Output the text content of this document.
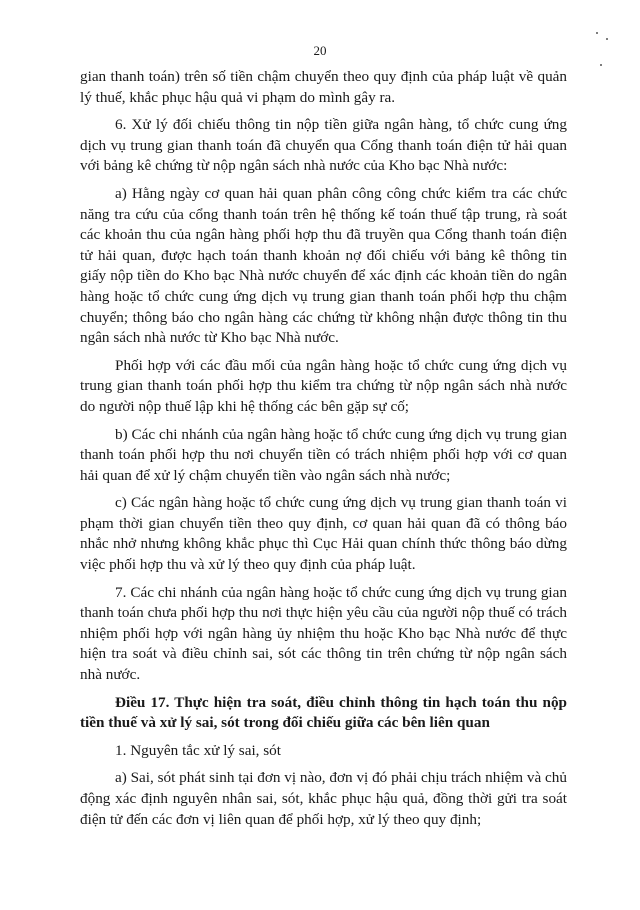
20

gian thanh toán) trên số tiền chậm chuyển theo quy định của pháp luật về quản lý thuế, khắc phục hậu quả vi phạm do mình gây ra.

6. Xử lý đối chiếu thông tin nộp tiền giữa ngân hàng, tổ chức cung ứng dịch vụ trung gian thanh toán đã chuyển qua Cổng thanh toán điện tử hải quan với bảng kê chứng từ nộp ngân sách nhà nước của Kho bạc Nhà nước:

a) Hằng ngày cơ quan hải quan phân công công chức kiểm tra các chức năng tra cứu của cổng thanh toán trên hệ thống kế toán thuế tập trung, rà soát các khoản thu của ngân hàng phối hợp thu đã truyền qua Cổng thanh toán điện tử hải quan, được hạch toán thanh khoản nợ đối chiếu với bảng kê thông tin giấy nộp tiền do Kho bạc Nhà nước chuyển để xác định các khoản tiền do ngân hàng hoặc tổ chức cung ứng dịch vụ trung gian thanh toán phối hợp thu chậm chuyển; thông báo cho ngân hàng các chứng từ không nhận được thông tin thu ngân sách nhà nước từ Kho bạc Nhà nước.

Phối hợp với các đầu mối của ngân hàng hoặc tổ chức cung ứng dịch vụ trung gian thanh toán phối hợp thu kiểm tra chứng từ nộp ngân sách nhà nước do người nộp thuế lập khi hệ thống các bên gặp sự cố;

b) Các chi nhánh của ngân hàng hoặc tổ chức cung ứng dịch vụ trung gian thanh toán phối hợp thu nơi chuyển tiền có trách nhiệm phối hợp với cơ quan hải quan để xử lý chậm chuyển tiền vào ngân sách nhà nước;

c) Các ngân hàng hoặc tổ chức cung ứng dịch vụ trung gian thanh toán vi phạm thời gian chuyển tiền theo quy định, cơ quan hải quan đã có thông báo nhắc nhở nhưng không khắc phục thì Cục Hải quan chính thức thông báo dừng việc phối hợp thu và xử lý theo quy định của pháp luật.

7. Các chi nhánh của ngân hàng hoặc tổ chức cung ứng dịch vụ trung gian thanh toán chưa phối hợp thu nơi thực hiện yêu cầu của người nộp thuế có trách nhiệm phối hợp với ngân hàng ủy nhiệm thu hoặc Kho bạc Nhà nước để thực hiện tra soát và điều chỉnh sai, sót các thông tin trên chứng từ nộp ngân sách nhà nước.

Điều 17. Thực hiện tra soát, điều chỉnh thông tin hạch toán thu nộp tiền thuế và xử lý sai, sót trong đối chiếu giữa các bên liên quan

1. Nguyên tắc xử lý sai, sót

a) Sai, sót phát sinh tại đơn vị nào, đơn vị đó phải chịu trách nhiệm và chủ động xác định nguyên nhân sai, sót, khắc phục hậu quả, đồng thời gửi tra soát điện tử đến các đơn vị liên quan để phối hợp, xử lý theo quy định;
